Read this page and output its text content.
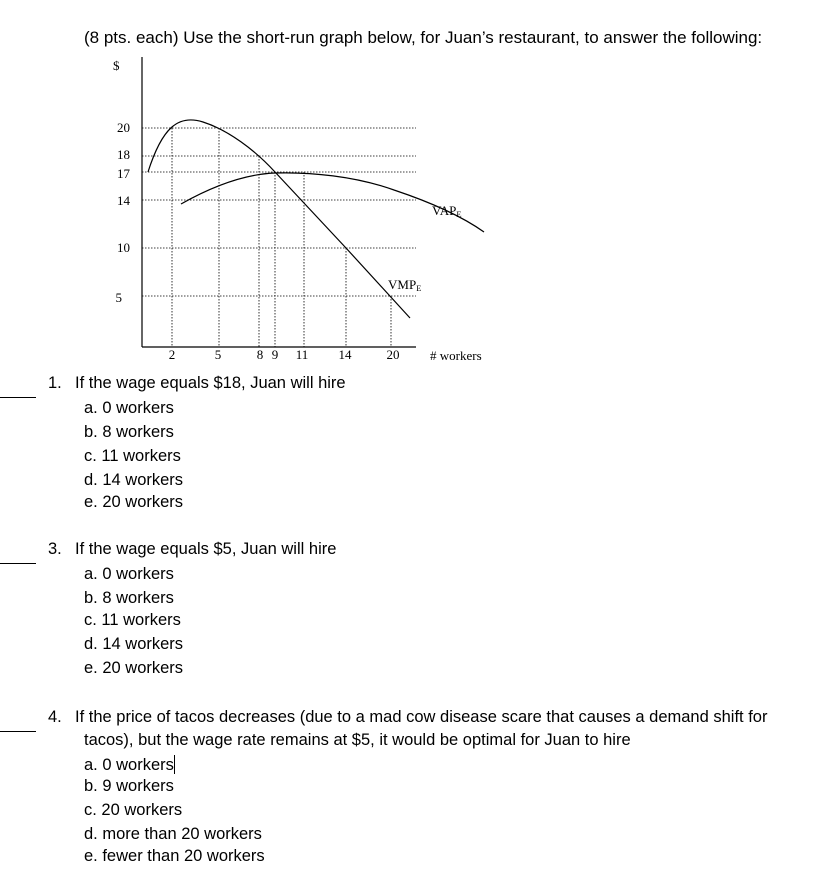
(8 pts. each) Use the short-run graph below, for Juan’s restaurant, to answer the following:
20
18
17
14
10
5
$
2	5	8 9 11 14	20 # workers
VAPE
VMPE
1. If the wage equals $18, Juan will hire
a. 0 workers
b. 8 workers
c. 11 workers
d. 14 workers
e. 20 workers
3. If the wage equals $5, Juan will hire
a. 0 workers
b. 8 workers
c. 11 workers
d. 14 workers
e. 20 workers
4. If the price of tacos decreases (due to a mad cow disease scare that causes a demand shift for
tacos), but the wage rate remains at $5, it would be optimal for Juan to hire
a. 0 workers
b. 9 workers
c. 20 workers
d. more than 20 workers
e. fewer than 20 workers
